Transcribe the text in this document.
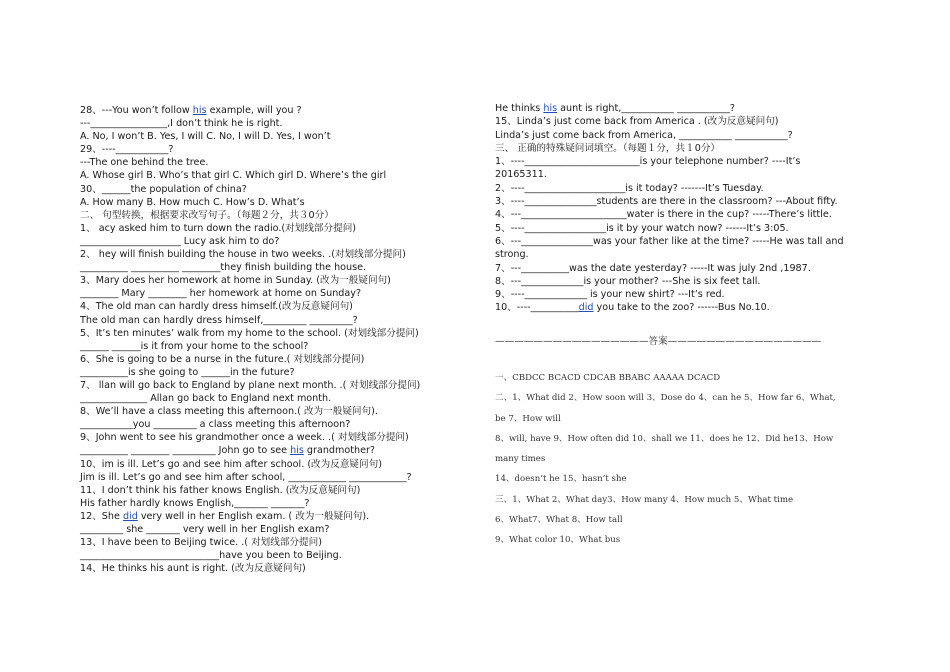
28、---You won’t follow his example, will you ?
---________________,I don’t think he is right.
A. No, I won’t B. Yes, I will C. No, I will D. Yes, I won’t
29、----___________?
---The one behind the tree.
A. Whose girl B. Who’s that girl C. Which girl D. Where’s the girl
30、______the population of china?
A. How many B. How much C. How’s D. What’s
二、 句型转换，根据要求改写句子。（每题２分，共３0分）
1、 acy asked him to turn down the radio.(对划线部分提问)
_____________________ Lucy ask him to do?
2、 hey will finish building the house in two weeks. .(对划线部分提问)
__________ __________ ________they finish building the house.
3、Mary does her homework at home in Sunday. (改为一般疑问句)
________ Mary ________ her homework at home on Sunday?
4、The old man can hardly dress himself.(改为反意疑问句)
The old man can hardly dress himself,_________ _________?
5、It’s ten minutes’ walk from my home to the school. (对划线部分提问)
______ ______is it from your home to the school?
6、She is going to be a nurse in the future.( 对划线部分提问)
__________is she going to ______in the future?
7、 llan will go back to England by plane next month. .( 对划线部分提问)
______________ Allan go back to England next month.
8、We’ll have a class meeting this afternoon.( 改为一般疑问句).
___________you _________ a class meeting this afternoon?
9、John went to see his grandmother once a week. .( 对划线部分提问)
__________ ________ _________ John go to see his grandmother?
10、im is ill. Let’s go and see him after school. (改为反意疑问句)
Jim is ill. Let’s go and see him after school, ____________ ____________?
11、I don’t think his father knows English. (改为反意疑问句)
His father hardly knows English,_______ _______?
12、She did very well in her English exam. ( 改为一般疑问句).
_________ she _______ very well in her English exam?
13、I have been to Beijing twice. .( 对划线部分提问)
_____________________________have you been to Beijing.
14、He thinks his aunt is right. (改为反意疑问句)
He thinks his aunt is right,___________ ___________?
15、Linda’s just come back from America . (改为反意疑问句)
Linda’s just come back from America, ___________ ___________?
三、 正确的特殊疑问词填空。（每题１分，共１0分）
1、----________________________is your telephone number? ----It’s
20165311.
2、----_____________________is it today? -------It’s Tuesday.
3、----_______________students are there in the classroom? ---About fifty.
4、---______________________water is there in the cup? -----There’s little.
5、----_________________is it by your watch now? ------It’s 3:05.
6、---_______________was your father like at the time? -----He was tall and
strong.
7、---__________was the date yesterday? -----It was july 2nd ,1987.
8、---_____________is your mother? ---She is six feet tall.
9、----_____________ is your new shirt? ---It’s red.
10、----__________did you take to the zoo? ------Bus No.10.
————————————————答案————————————————
一、CBDCC BCACD CDCAB BBABC AAAAA DCACD
二、1、What did 2、How soon will 3、Dose do 4、can he 5、How far 6、What,
be 7、How will
8、will, have 9、How often did 10、shall we 11、does he 12、Did he13、How
many times
14、doesn’t he 15、hasn’t she
三、1、What 2、What day3、How many 4、How much 5、What time
6、What7、What 8、How tall
9、What color 10、What bus
